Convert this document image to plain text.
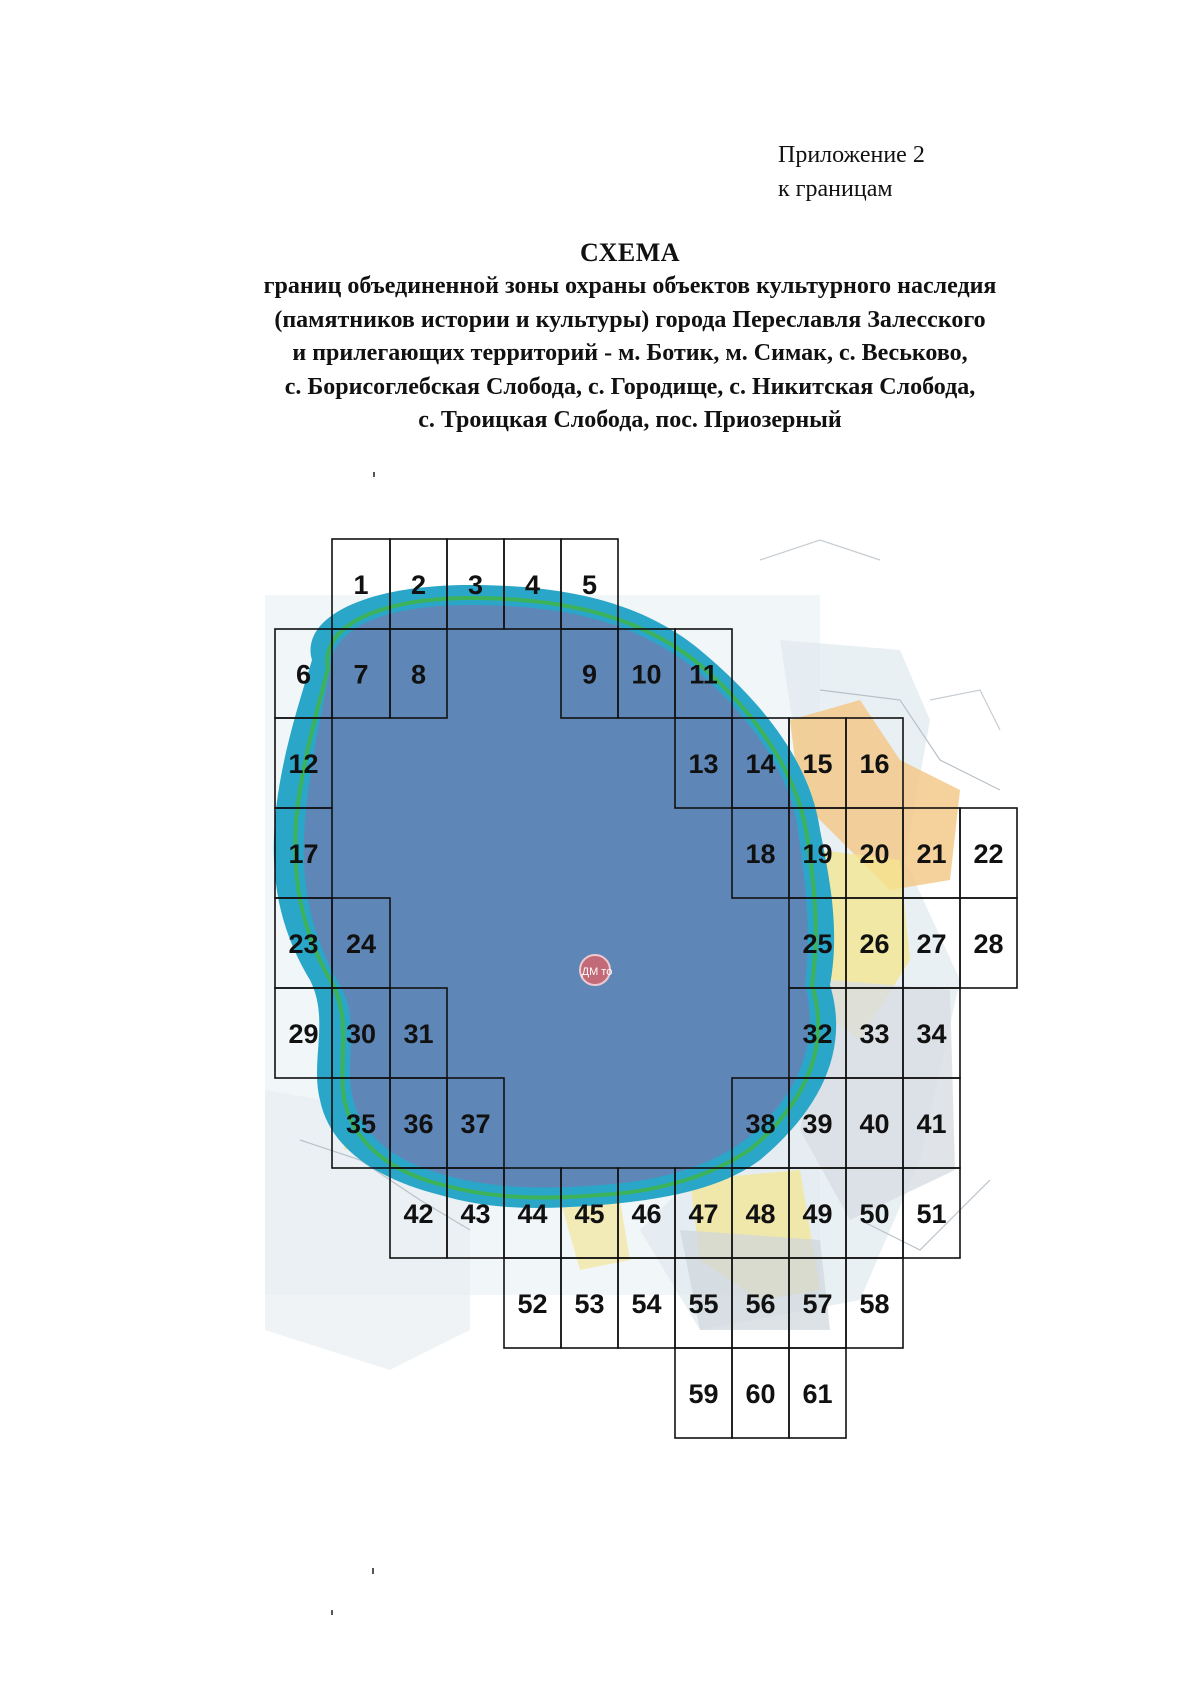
Приложение 2
к границам
СХЕМА
границ объединенной зоны охраны объектов культурного наследия
(памятников истории и культуры) города Переславля Залесского
и прилегающих территорий - м. Ботик, м. Симак, с. Веськово,
с. Борисоглебская Слобода, с. Городище, с. Никитская Слобода,
с. Троицкая Слобода, пос. Приозерный
ДМ то
1 2 3 4 5
6 7 8	9 10 11
12	13 14 15 16
17	18 19 20 21 22
23 24	25 26 27 28
29 30 31	32 33 34
35 36 37	38 39 40 41
42 43 44 45 46 47 48 49 50 51
52 53 54 55 56 57 58
59 60 61
